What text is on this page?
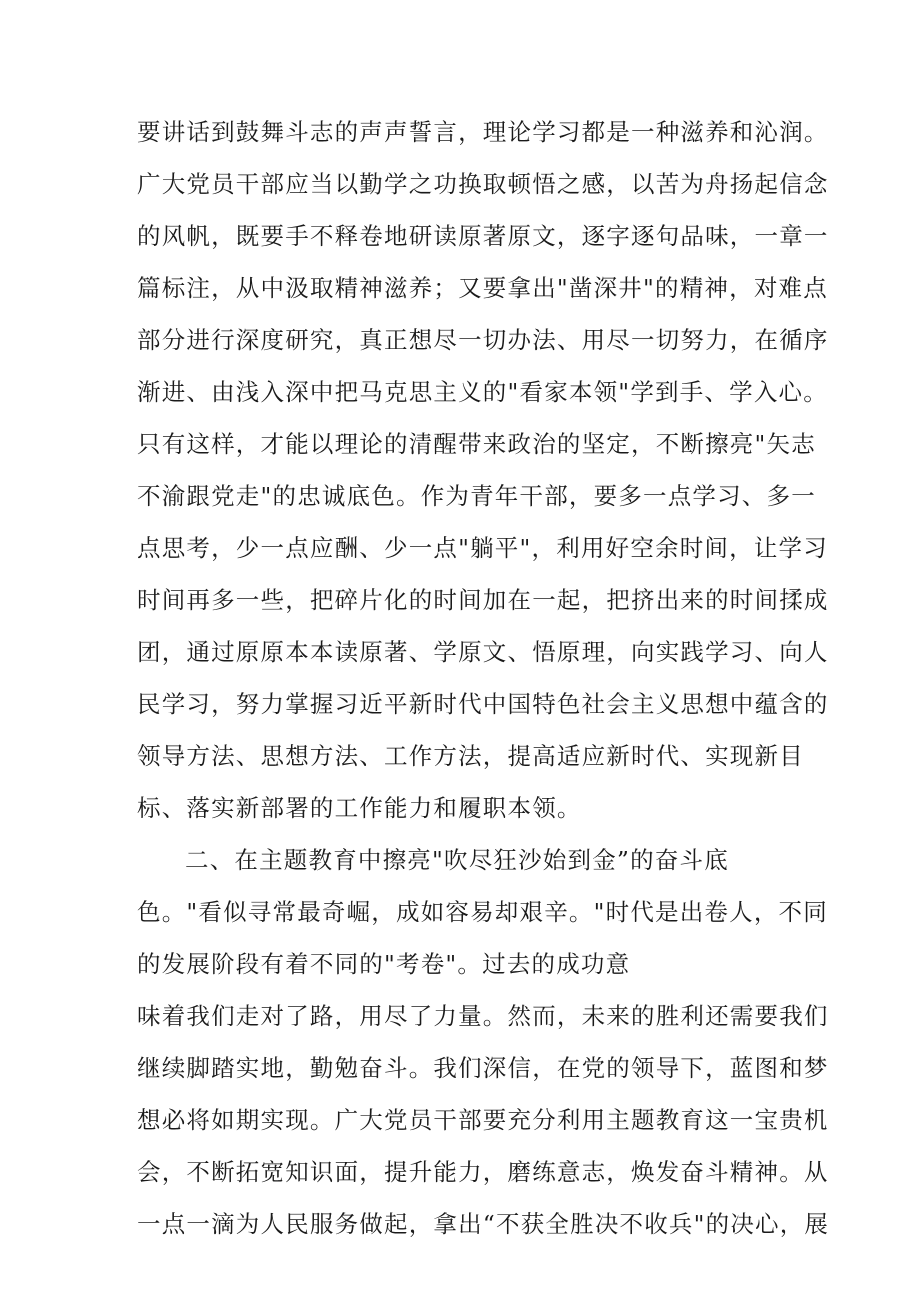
要讲话到鼓舞斗志的声声誓言，理论学习都是一种滋养和沁润。
广大党员干部应当以勤学之功换取顿悟之感，以苦为舟扬起信念
的风帆，既要手不释卷地研读原著原文，逐字逐句品味，一章一
篇标注，从中汲取精神滋养；又要拿出"凿深井"的精神，对难点
部分进行深度研究，真正想尽一切办法、用尽一切努力，在循序
渐进、由浅入深中把马克思主义的"看家本领"学到手、学入心。
只有这样，才能以理论的清醒带来政治的坚定，不断擦亮"矢志
不渝跟党走"的忠诚底色。作为青年干部，要多一点学习、多一
点思考，少一点应酬、少一点"躺平"，利用好空余时间，让学习
时间再多一些，把碎片化的时间加在一起，把挤出来的时间揉成
团，通过原原本本读原著、学原文、悟原理，向实践学习、向人
民学习，努力掌握习近平新时代中国特色社会主义思想中蕴含的
领导方法、思想方法、工作方法，提高适应新时代、实现新目
标、落实新部署的工作能力和履职本领。
二、在主题教育中擦亮"吹尽狂沙始到金”的奋斗底
色。"看似寻常最奇崛，成如容易却艰辛。"时代是出卷人，不同
的发展阶段有着不同的"考卷"。过去的成功意
味着我们走对了路，用尽了力量。然而，未来的胜利还需要我们
继续脚踏实地，勤勉奋斗。我们深信，在党的领导下，蓝图和梦
想必将如期实现。广大党员干部要充分利用主题教育这一宝贵机
会，不断拓宽知识面，提升能力，磨练意志，焕发奋斗精神。从
一点一滴为人民服务做起，拿出“不获全胜决不收兵"的决心，展
